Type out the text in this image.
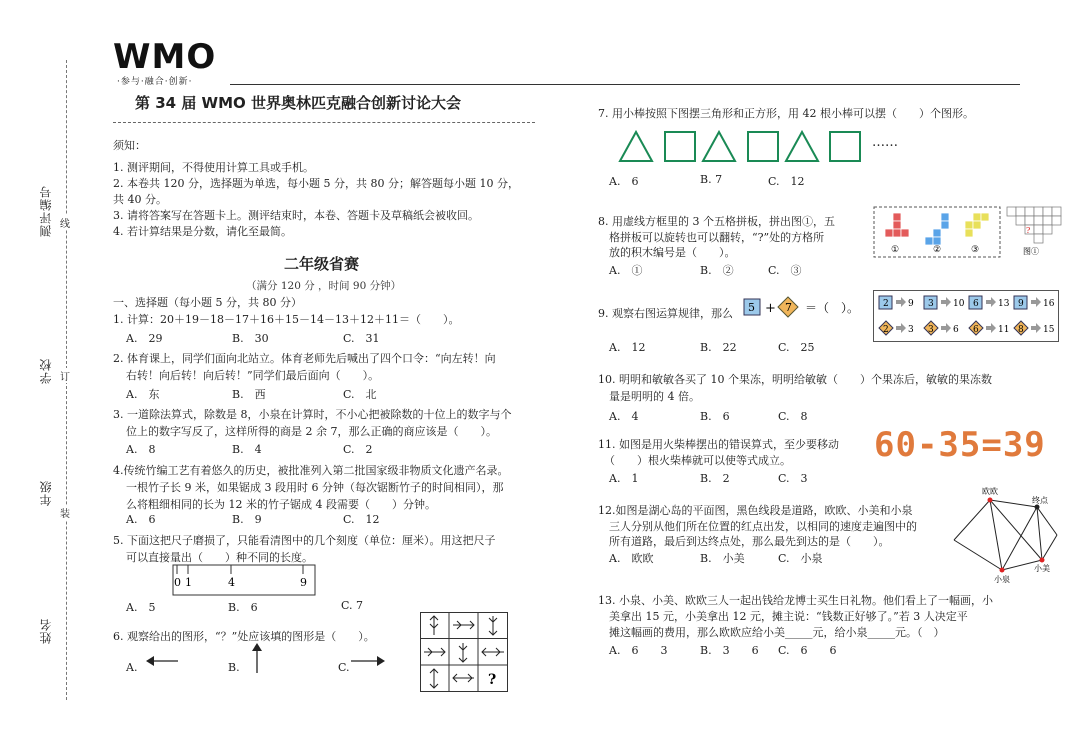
WMO
·参与·融合·创新·
第 34 届 WMO 世界奥林匹克融合创新讨论大会
测评编号
学校
年级
姓名
线
订
装

须知：

1. 测评期间，不得使用计算工具或手机。

2. 本卷共 120 分，选择题为单选，每小题 5 分，共 80 分；解答题每小题 10 分，

共 40 分。

3. 请将答案写在答题卡上。测评结束时，本卷、答题卡及草稿纸会被收回。

4. 若计算结果是分数，请化至最简。

二年级省赛
（满分 120 分 ，时间 90 分钟）
一、选择题（每小题 5 分，共 80 分）
1. 计算：20＋19－18－17＋16＋15－14－13＋12＋11＝（　　）。
A.　29	B.　30	C.　31
2. 体育课上，同学们面向北站立。体育老师先后喊出了四个口令：“向左转！向
右转！向后转！向后转！”同学们最后面向（　　）。
A.　东	B.　西	C.　北
3. 一道除法算式，除数是 8，小泉在计算时，不小心把被除数的十位上的数字与个
位上的数字写反了，这样所得的商是 2 余 7，那么正确的商应该是（　　）。
A.　8	B.　4	C.　2
4.传统竹编工艺有着悠久的历史，被批准列入第二批国家级非物质文化遗产名录。
一根竹子长 9 米，如果锯成 3 段用时 6 分钟（每次锯断竹子的时间相同），那
么将粗细相同的长为 12 米的竹子锯成 4 段需要（　　）分钟。
A.　6	B.　9	C.　12
5. 下面这把尺子磨损了，只能看清图中的几个刻度（单位：厘米）。用这把尺子
可以直接量出（　　）种不同的长度。
0 1	4	9
A.　5	B.　6	C. 7
6. 观察给出的图形，“？”处应该填的图形是（　　）。
A.	B.	C.
?
7. 用小棒按照下图摆三角形和正方形，用 42 根小棒可以摆（　　）个图形。
……
A.　6	B. 7	C.　12
8. 用虚线方框里的 3 个五格拼板，拼出图①，五
格拼板可以旋转也可以翻转，“?”处的方格所
放的积木编号是（　　）。
A.　①	B.　②	C.　③
①	②	③
?
图①
9. 观察右图运算规律，那么 5 + 7 ＝（　）。	2 9 3 10 6 13 9 16
2 3 3 6 6 11 8 15
A.　12	B.　22	C.　25
10. 明明和敏敏各买了 10 个果冻，明明给敏敏（　　）个果冻后，敏敏的果冻数
量是明明的 4 倍。
A.　4	B.　6	C.　8
11. 如图是用火柴棒摆出的错误算式，至少要移动
（　　）根火柴棒就可以使等式成立。
A.　1	B.　2	C.　3
60-35=39
12.如图是湖心岛的平面图，黑色线段是道路，欧欧、小美和小泉
三人分别从他们所在位置的红点出发，以相同的速度走遍图中的
所有道路，最后到达终点处，那么最先到达的是（　　）。
A.　欧欧	B.　小美	C.　小泉
欧欧
终点
小泉
小美
13. 小泉、小美、欧欧三人一起出钱给龙博士买生日礼物。他们看上了一幅画，小
美拿出 15 元，小美拿出 12 元，摊主说：“钱数正好够了。”若 3 人决定平
摊这幅画的费用，那么欧欧应给小美_____元，给小泉_____元。（　）
A.　6　　3	B.　3　　6 C.　6　　6
